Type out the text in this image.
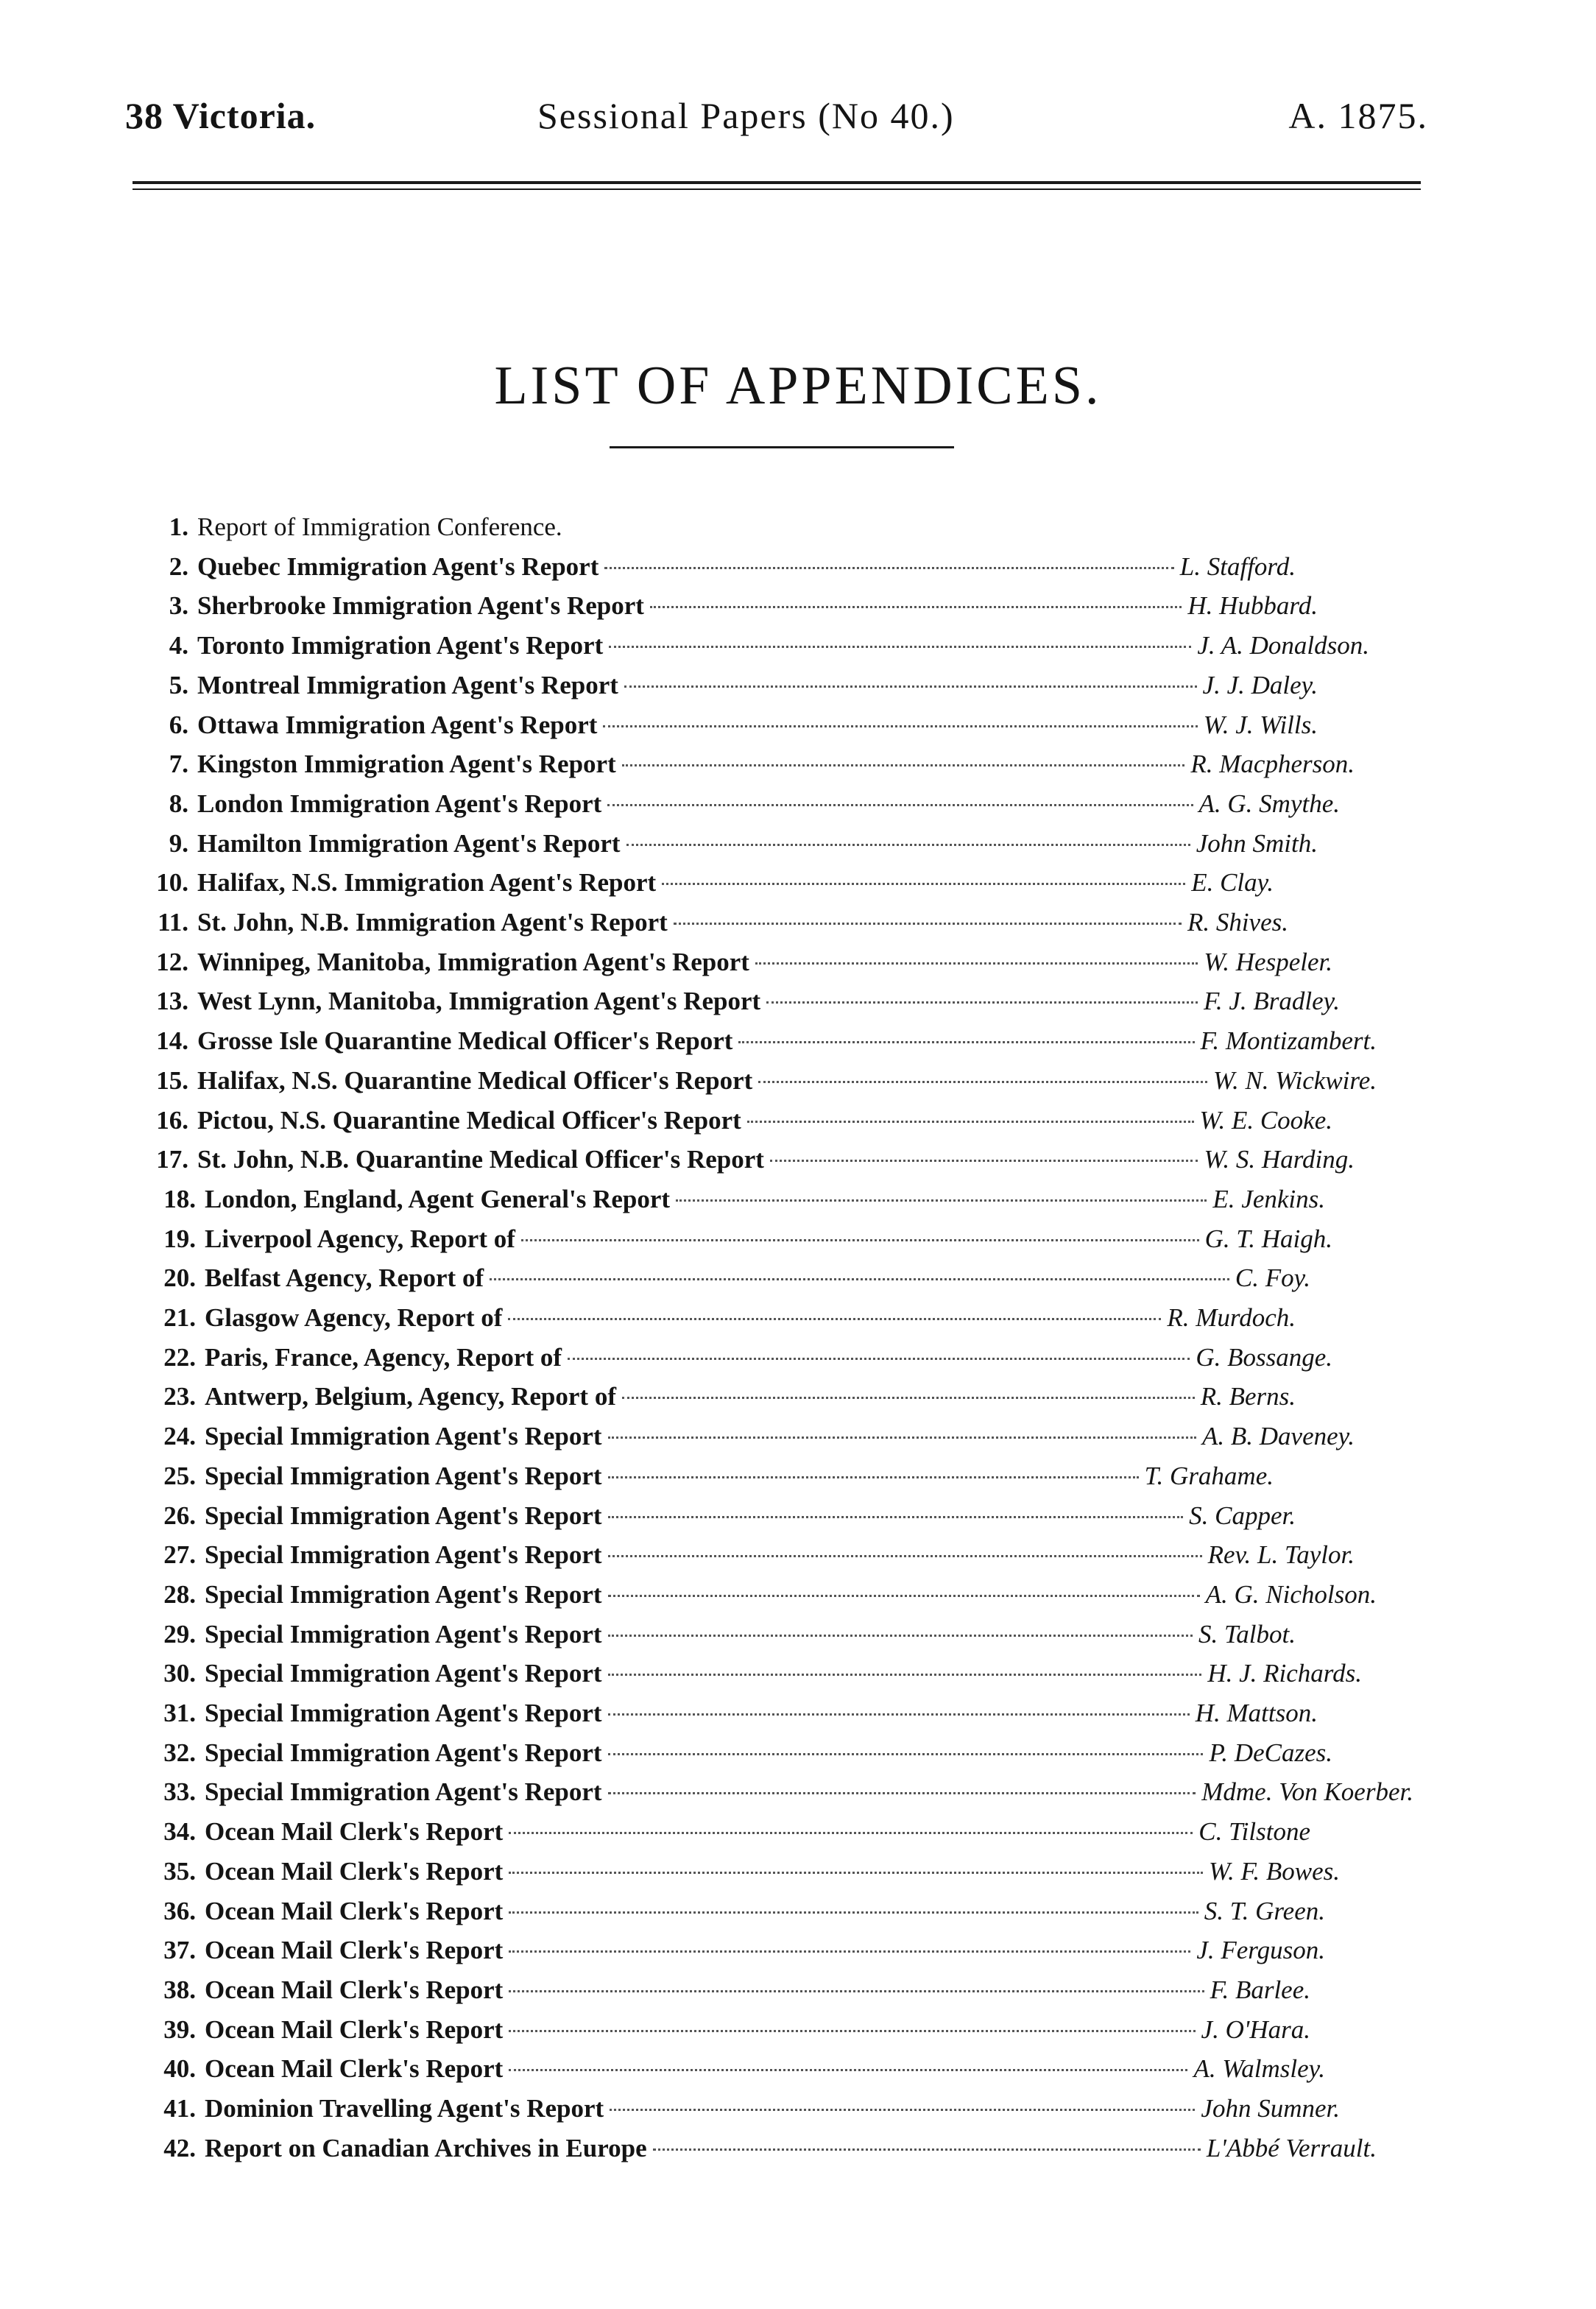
38 Victoria.	Sessional Papers (No 40.)	A. 1875.
LIST OF APPENDICES.
1. Report of Immigration Conference.
2. Quebec Immigration Agent's Report	L. Stafford.
3. Sherbrooke Immigration Agent's Report	H. Hubbard.
4. Toronto Immigration Agent's Report	J. A. Donaldson.
5. Montreal Immigration Agent's Report	J. J. Daley.
6. Ottawa Immigration Agent's Report	W. J. Wills.
7. Kingston Immigration Agent's Report	R. Macpherson.
8. London Immigration Agent's Report	A. G. Smythe.
9. Hamilton Immigration Agent's Report	John Smith.
10. Halifax, N.S. Immigration Agent's Report	E. Clay.
11. St. John, N.B. Immigration Agent's Report	R. Shives.
12. Winnipeg, Manitoba, Immigration Agent's Report	W. Hespeler.
13. West Lynn, Manitoba, Immigration Agent's Report	F. J. Bradley.
14. Grosse Isle Quarantine Medical Officer's Report	F. Montizambert.
15. Halifax, N.S. Quarantine Medical Officer's Report	W. N. Wickwire.
16. Pictou, N.S. Quarantine Medical Officer's Report	W. E. Cooke.
17. St. John, N.B. Quarantine Medical Officer's Report	W. S. Harding.
18. London, England, Agent General's Report	E. Jenkins.
19. Liverpool Agency, Report of	G. T. Haigh.
20. Belfast Agency, Report of	C. Foy.
21. Glasgow Agency, Report of	R. Murdoch.
22. Paris, France, Agency, Report of	G. Bossange.
23. Antwerp, Belgium, Agency, Report of	R. Berns.
24. Special Immigration Agent's Report	A. B. Daveney.
25. Special Immigration Agent's Report	T. Grahame.
26. Special Immigration Agent's Report	S. Capper.
27. Special Immigration Agent's Report	Rev. L. Taylor.
28. Special Immigration Agent's Report	A. G. Nicholson.
29. Special Immigration Agent's Report	S. Talbot.
30. Special Immigration Agent's Report	H. J. Richards.
31. Special Immigration Agent's Report	H. Mattson.
32. Special Immigration Agent's Report	P. DeCazes.
33. Special Immigration Agent's Report	Mdme. Von Koerber.
34. Ocean Mail Clerk's Report	C. Tilstone
35. Ocean Mail Clerk's Report	W. F. Bowes.
36. Ocean Mail Clerk's Report	S. T. Green.
37. Ocean Mail Clerk's Report	J. Ferguson.
38. Ocean Mail Clerk's Report	F. Barlee.
39. Ocean Mail Clerk's Report	J. O'Hara.
40. Ocean Mail Clerk's Report	A. Walmsley.
41. Dominion Travelling Agent's Report	John Sumner.
42. Report on Canadian Archives in Europe	L'Abbé Verrault.
